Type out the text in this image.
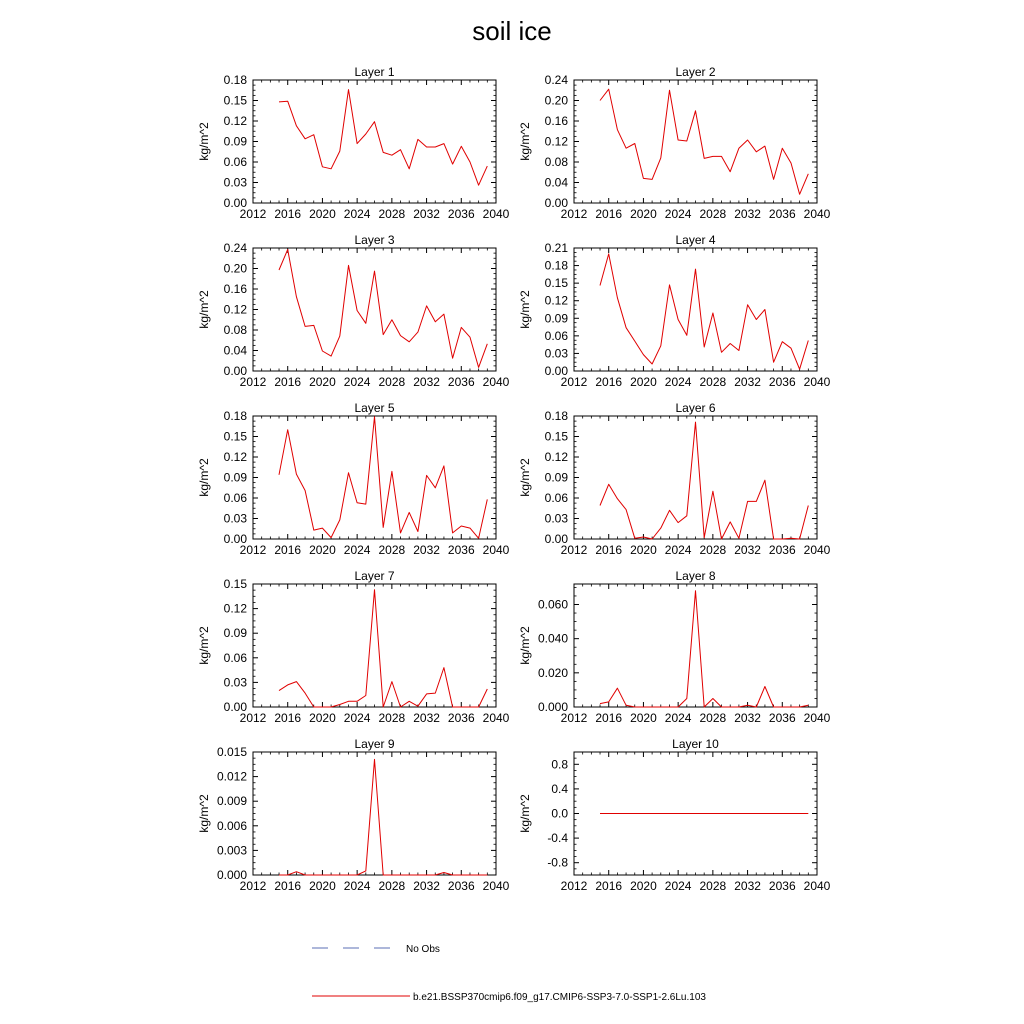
soil ice
Layer 1
kg/m^2
2012 2016 2020 2024 2028 2032 2036 2040
0.00
0.03
0.06
0.09
0.12
0.15
0.18
Layer 2
kg/m^2
2012 2016 2020 2024 2028 2032 2036 2040
0.00
0.04
0.08
0.12
0.16
0.20
0.24
Layer 3
kg/m^2
2012 2016 2020 2024 2028 2032 2036 2040
0.00
0.04
0.08
0.12
0.16
0.20
0.24
Layer 4
kg/m^2
2012 2016 2020 2024 2028 2032 2036 2040
0.00
0.03
0.06
0.09
0.12
0.15
0.18
0.21
Layer 5
kg/m^2
2012 2016 2020 2024 2028 2032 2036 2040
0.00
0.03
0.06
0.09
0.12
0.15
0.18
Layer 6
kg/m^2
2012 2016 2020 2024 2028 2032 2036 2040
0.00
0.03
0.06
0.09
0.12
0.15
0.18
Layer 7
kg/m^2
2012 2016 2020 2024 2028 2032 2036 2040
0.00
0.03
0.06
0.09
0.12
0.15
Layer 8
kg/m^2
2012 2016 2020 2024 2028 2032 2036 2040
0.000
0.020
0.040
0.060
Layer 9
kg/m^2
2012 2016 2020 2024 2028 2032 2036 2040
0.000
0.003
0.006
0.009
0.012
0.015
Layer 10
kg/m^2
2012 2016 2020 2024 2028 2032 2036 2040
-0.8
-0.4
0.0
0.4
0.8
No Obs
b.e21.BSSP370cmip6.f09_g17.CMIP6-SSP3-7.0-SSP1-2.6Lu.103
